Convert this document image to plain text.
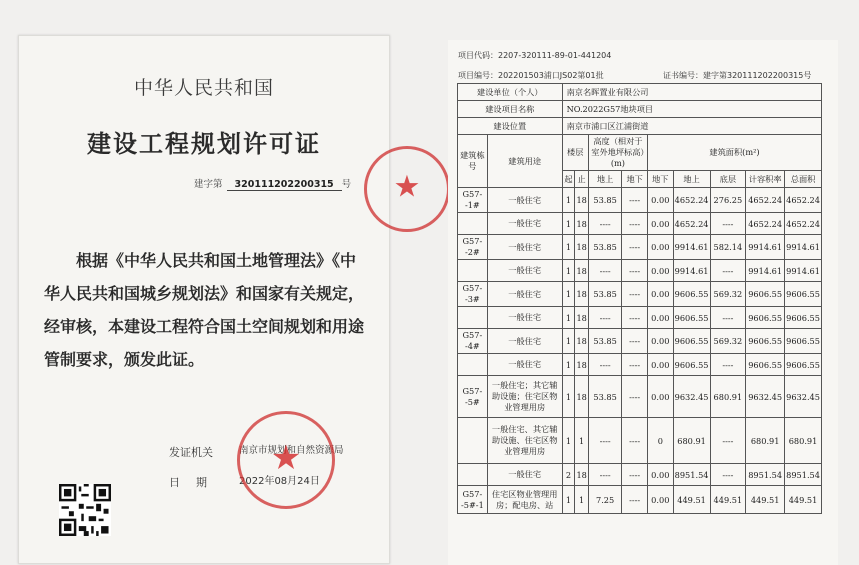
中华人民共和国
建设工程规划许可证
建字第 320111202200315 号
根据《中华人民共和国土地管理法》《中
华人民共和国城乡规划法》和国家有关规定，
经审核，本建设工程符合国土空间规划和用途
管制要求，颁发此证。
发证机关	南京市规划和自然资源局
日期 2022年08月24日
★
★
项目代码：2207-320111-89-01-441204
项目编号：202201503浦口JS02第01批	证书编号：建字第320111202200315号
建设单位（个人）		南京名晖置业有限公司								
建设项目名称		NO.2022G57地块项目								
建设位置		南京市浦口区江浦街道								
建筑栋号	建筑用途	楼层		高度（相对于室外地坪标高）(m)		建筑面积(m²)				
		起	止	地上	地下	地下	地上	底层	计容积率	总面积
G57--1#	一般住宅	1	18	53.85	----	0.00	4652.24	276.25	4652.24	4652.24
	一般住宅	1	18	----	----	0.00	4652.24	----	4652.24	4652.24
G57--2#	一般住宅	1	18	53.85	----	0.00	9914.61	582.14	9914.61	9914.61
	一般住宅	1	18	----	----	0.00	9914.61	----	9914.61	9914.61
G57--3#	一般住宅	1	18	53.85	----	0.00	9606.55	569.32	9606.55	9606.55
	一般住宅	1	18	----	----	0.00	9606.55	----	9606.55	9606.55
G57--4#	一般住宅	1	18	53.85	----	0.00	9606.55	569.32	9606.55	9606.55
	一般住宅	1	18	----	----	0.00	9606.55	----	9606.55	9606.55
G57--5#	一般住宅；其它辅助设施；住宅区物业管理用房	1	18	53.85	----	0.00	9632.45	680.91	9632.45	9632.45
	一般住宅、其它辅助设施、住宅区物业管理用房	1	1	----	----	0	680.91	----	680.91	680.91
	一般住宅	2	18	----	----	0.00	8951.54	----	8951.54	8951.54
G57--5#-1	住宅区物业管理用房；配电房、站	1	1	7.25	----	0.00	449.51	449.51	449.51	449.51
